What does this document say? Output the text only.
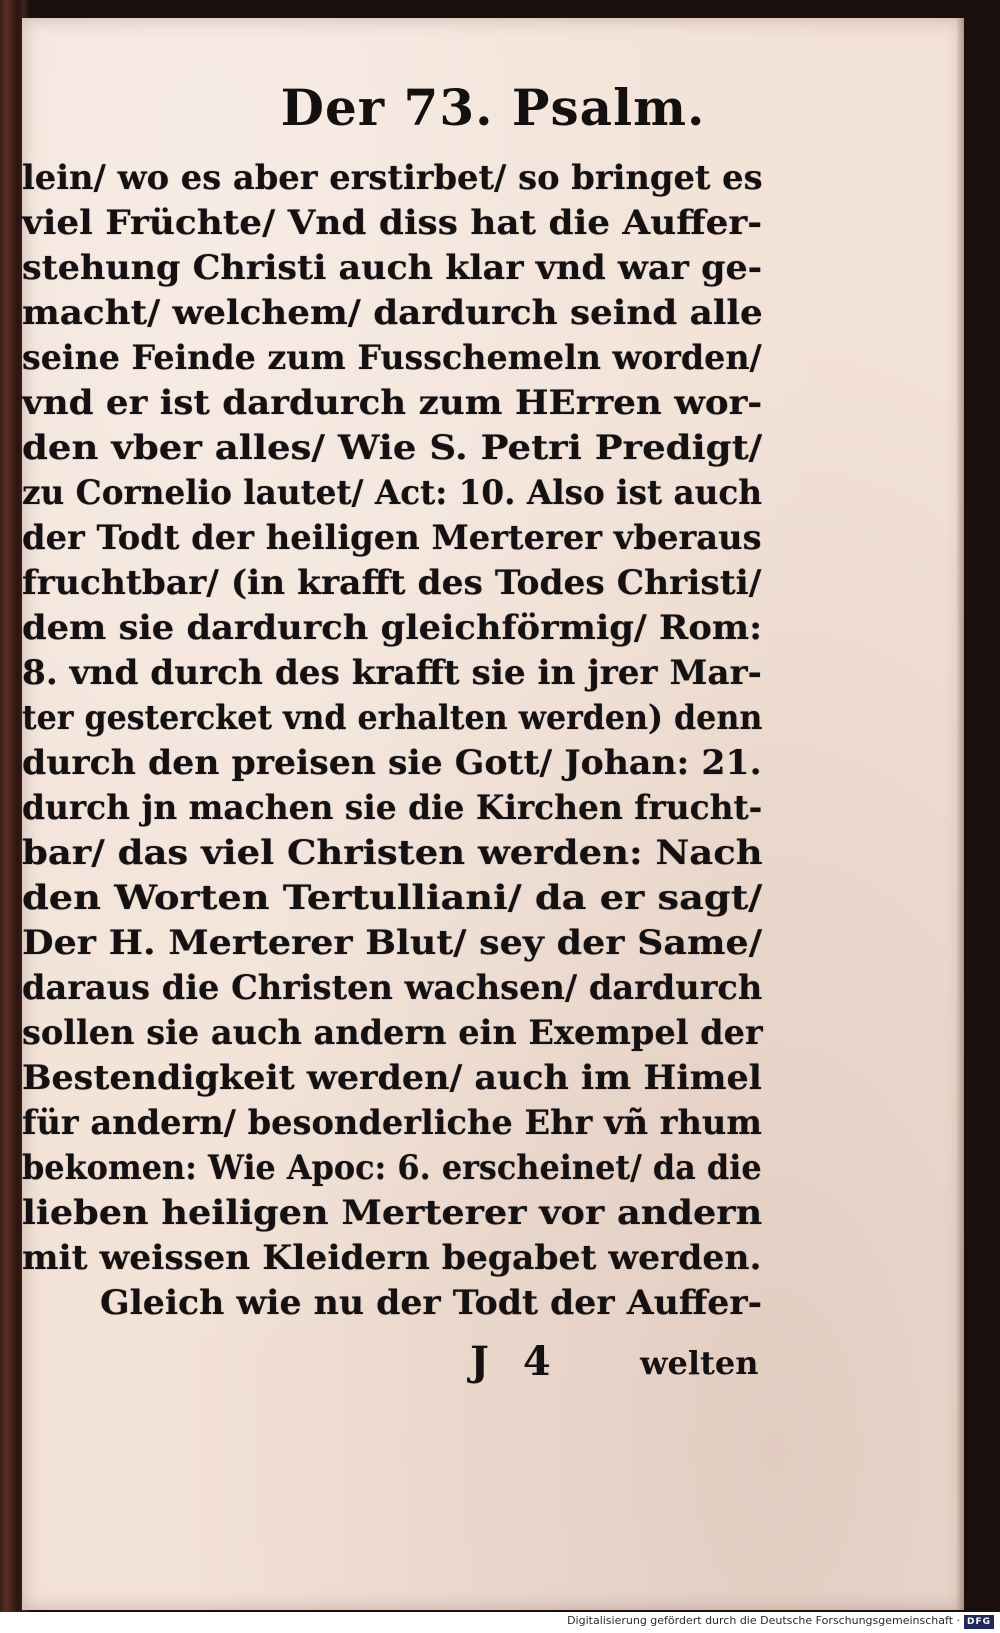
Der 73. Psalm.
lein/ wo es aber erstirbet/ so bringet es
viel Früchte/ Vnd diss hat die Auffer-
stehung Christi auch klar vnd war ge-
macht/ welchem/ dardurch seind alle
seine Feinde zum Fusschemeln worden/
vnd er ist dardurch zum HErren wor-
den vber alles/ Wie S. Petri Predigt/
zu Cornelio lautet/ Act: 10. Also ist auch
der Todt der heiligen Merterer vberaus
fruchtbar/ (in krafft des Todes Christi/
dem sie dardurch gleichförmig/ Rom:
8. vnd durch des krafft sie in jrer Mar-
ter gestercket vnd erhalten werden) denn
durch den preisen sie Gott/ Johan: 21.
durch jn machen sie die Kirchen frucht-
bar/ das viel Christen werden: Nach
den Worten Tertulliani/ da er sagt/
Der H. Merterer Blut/ sey der Same/
daraus die Christen wachsen/ dardurch
sollen sie auch andern ein Exempel der
Bestendigkeit werden/ auch im Himel
für andern/ besonderliche Ehr vñ rhum
bekomen: Wie Apoc: 6. erscheinet/ da die
lieben heiligen Merterer vor andern
mit weissen Kleidern begabet werden.
Gleich wie nu der Todt der Auffer-
J 4 welten
Digitalisierung gefördert durch die Deutsche Forschungsgemeinschaft · DFG
